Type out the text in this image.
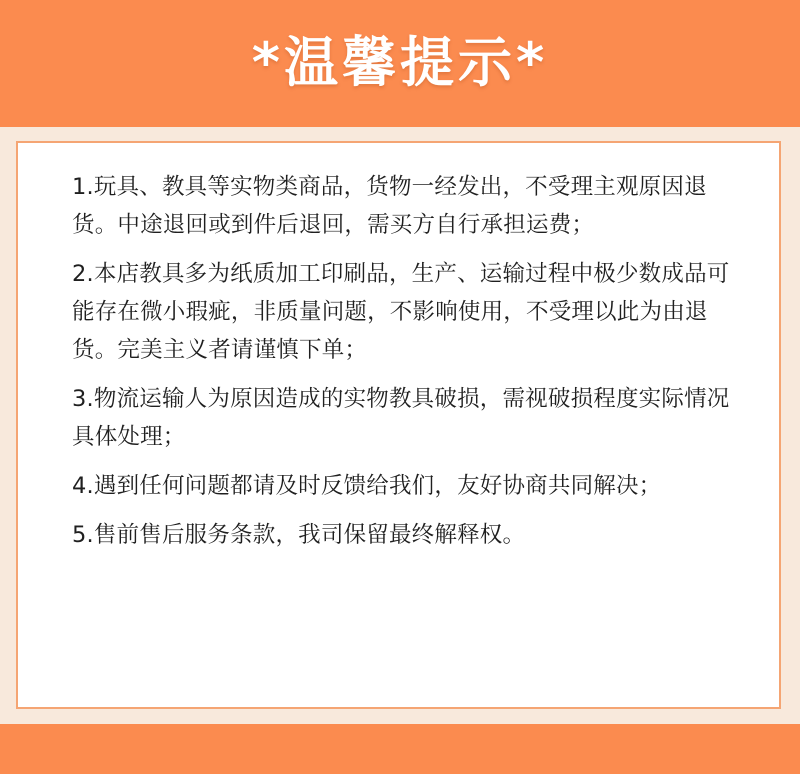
*温馨提示*
1.玩具、教具等实物类商品，货物一经发出，不受理主观原因退货。中途退回或到件后退回，需买方自行承担运费；
2.本店教具多为纸质加工印刷品，生产、运输过程中极少数成品可能存在微小瑕疵，非质量问题，不影响使用，不受理以此为由退货。完美主义者请谨慎下单；
3.物流运输人为原因造成的实物教具破损，需视破损程度实际情况具体处理；
4.遇到任何问题都请及时反馈给我们，友好协商共同解决；
5.售前售后服务条款，我司保留最终解释权。
